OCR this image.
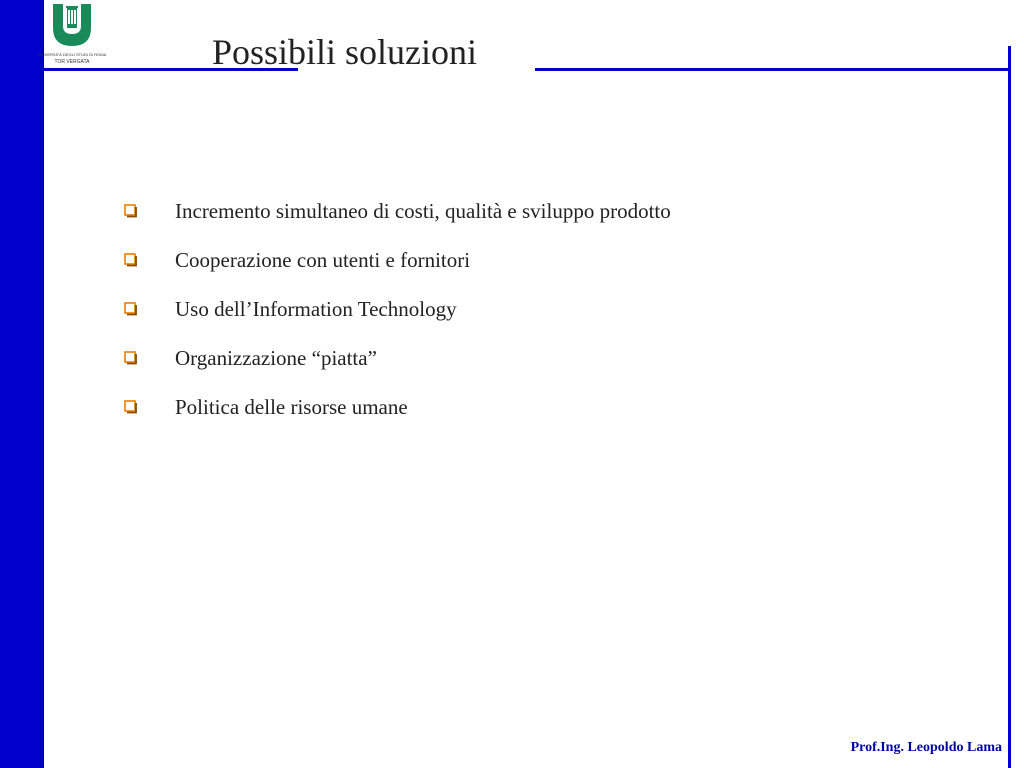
UNIVERSITÀ DEGLI STUDI DI ROMA
TOR VERGATA	Possibili soluzioni
Incremento simultaneo di costi, qualità e sviluppo prodotto
Cooperazione con utenti e fornitori
Uso dell’Information Technology
Organizzazione “piatta”
Politica delle risorse umane
Prof.Ing. Leopoldo Lama
